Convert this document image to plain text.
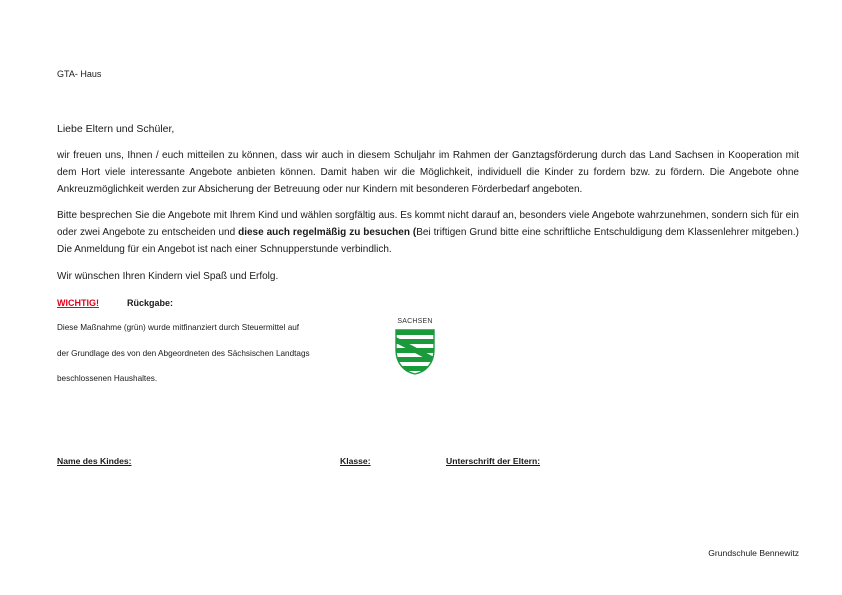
GTA- Haus
Liebe Eltern und Schüler,
wir freuen uns, Ihnen / euch mitteilen zu können, dass wir auch in diesem Schuljahr im Rahmen der Ganztagsförderung durch das Land Sachsen in Kooperation mit dem Hort viele interessante Angebote anbieten können. Damit haben wir die Möglichkeit, individuell die Kinder zu fordern bzw. zu fördern. Die Angebote ohne Ankreuzmöglichkeit werden zur Absicherung der Betreuung oder nur Kindern mit besonderen Förderbedarf angeboten.
Bitte besprechen Sie die Angebote mit Ihrem Kind und wählen sorgfältig aus. Es kommt nicht darauf an, besonders viele Angebote wahrzunehmen, sondern sich für ein oder zwei Angebote zu entscheiden und diese auch regelmäßig zu besuchen (Bei triftigen Grund bitte eine schriftliche Entschuldigung dem Klassenlehrer mitgeben.) Die Anmeldung für ein Angebot ist nach einer Schnupperstunde verbindlich.
Wir wünschen Ihren Kindern viel Spaß und Erfolg.
WICHTIG!	Rückgabe:
Diese Maßnahme (grün) wurde mitfinanziert durch Steuermittel auf
der Grundlage des von den Abgeordneten des Sächsischen Landtags
beschlossenen Haushaltes.
SACHSEN
Name des Kindes:	Klasse:	Unterschrift der Eltern:
Grundschule Bennewitz
